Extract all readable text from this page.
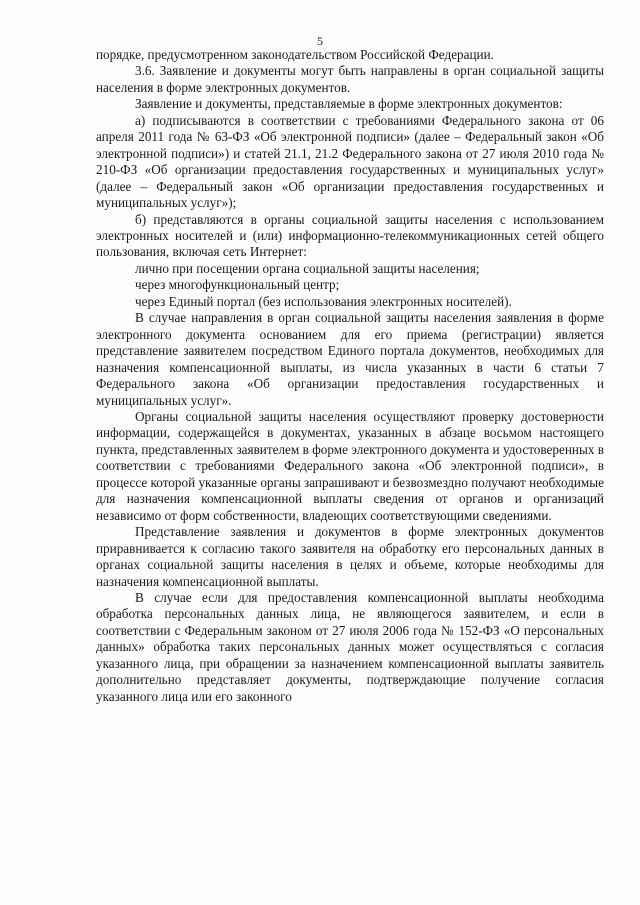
5

порядке, предусмотренном законодательством Российской Федерации.

3.6. Заявление и документы могут быть направлены в орган социальной защиты населения в форме электронных документов.

Заявление и документы, представляемые в форме электронных документов:

а) подписываются в соответствии с требованиями Федерального закона от 06 апреля 2011 года № 63-ФЗ «Об электронной подписи» (далее – Федеральный закон «Об электронной подписи») и статей 21.1, 21.2 Федерального закона от 27 июля 2010 года № 210-ФЗ «Об организации предоставления государственных и муниципальных услуг» (далее – Федеральный закон «Об организации предоставления государственных и муниципальных услуг»);

б) представляются в органы социальной защиты населения с использованием электронных носителей и (или) информационно-телекоммуникационных сетей общего пользования, включая сеть Интернет:

лично при посещении органа социальной защиты населения;

через многофункциональный центр;

через Единый портал (без использования электронных носителей).

В случае направления в орган социальной защиты населения заявления в форме электронного документа основанием для его приема (регистрации) является представление заявителем посредством Единого портала документов, необходимых для назначения компенсационной выплаты, из числа указанных в части 6 статьи 7 Федерального закона «Об организации предоставления государственных и муниципальных услуг».

Органы социальной защиты населения осуществляют проверку достоверности информации, содержащейся в документах, указанных в абзаце восьмом настоящего пункта, представленных заявителем в форме электронного документа и удостоверенных в соответствии с требованиями Федерального закона «Об электронной подписи», в процессе которой указанные органы запрашивают и безвозмездно получают необходимые для назначения компенсационной выплаты сведения от органов и организаций независимо от форм собственности, владеющих соответствующими сведениями.

Представление заявления и документов в форме электронных документов приравнивается к согласию такого заявителя на обработку его персональных данных в органах социальной защиты населения в целях и объеме, которые необходимы для назначения компенсационной выплаты.

В случае если для предоставления компенсационной выплаты необходима обработка персональных данных лица, не являющегося заявителем, и если в соответствии с Федеральным законом от 27 июля 2006 года № 152-ФЗ «О персональных данных» обработка таких персональных данных может осуществляться с согласия указанного лица, при обращении за назначением компенсационной выплаты заявитель дополнительно представляет документы, подтверждающие получение согласия указанного лица или его законного
